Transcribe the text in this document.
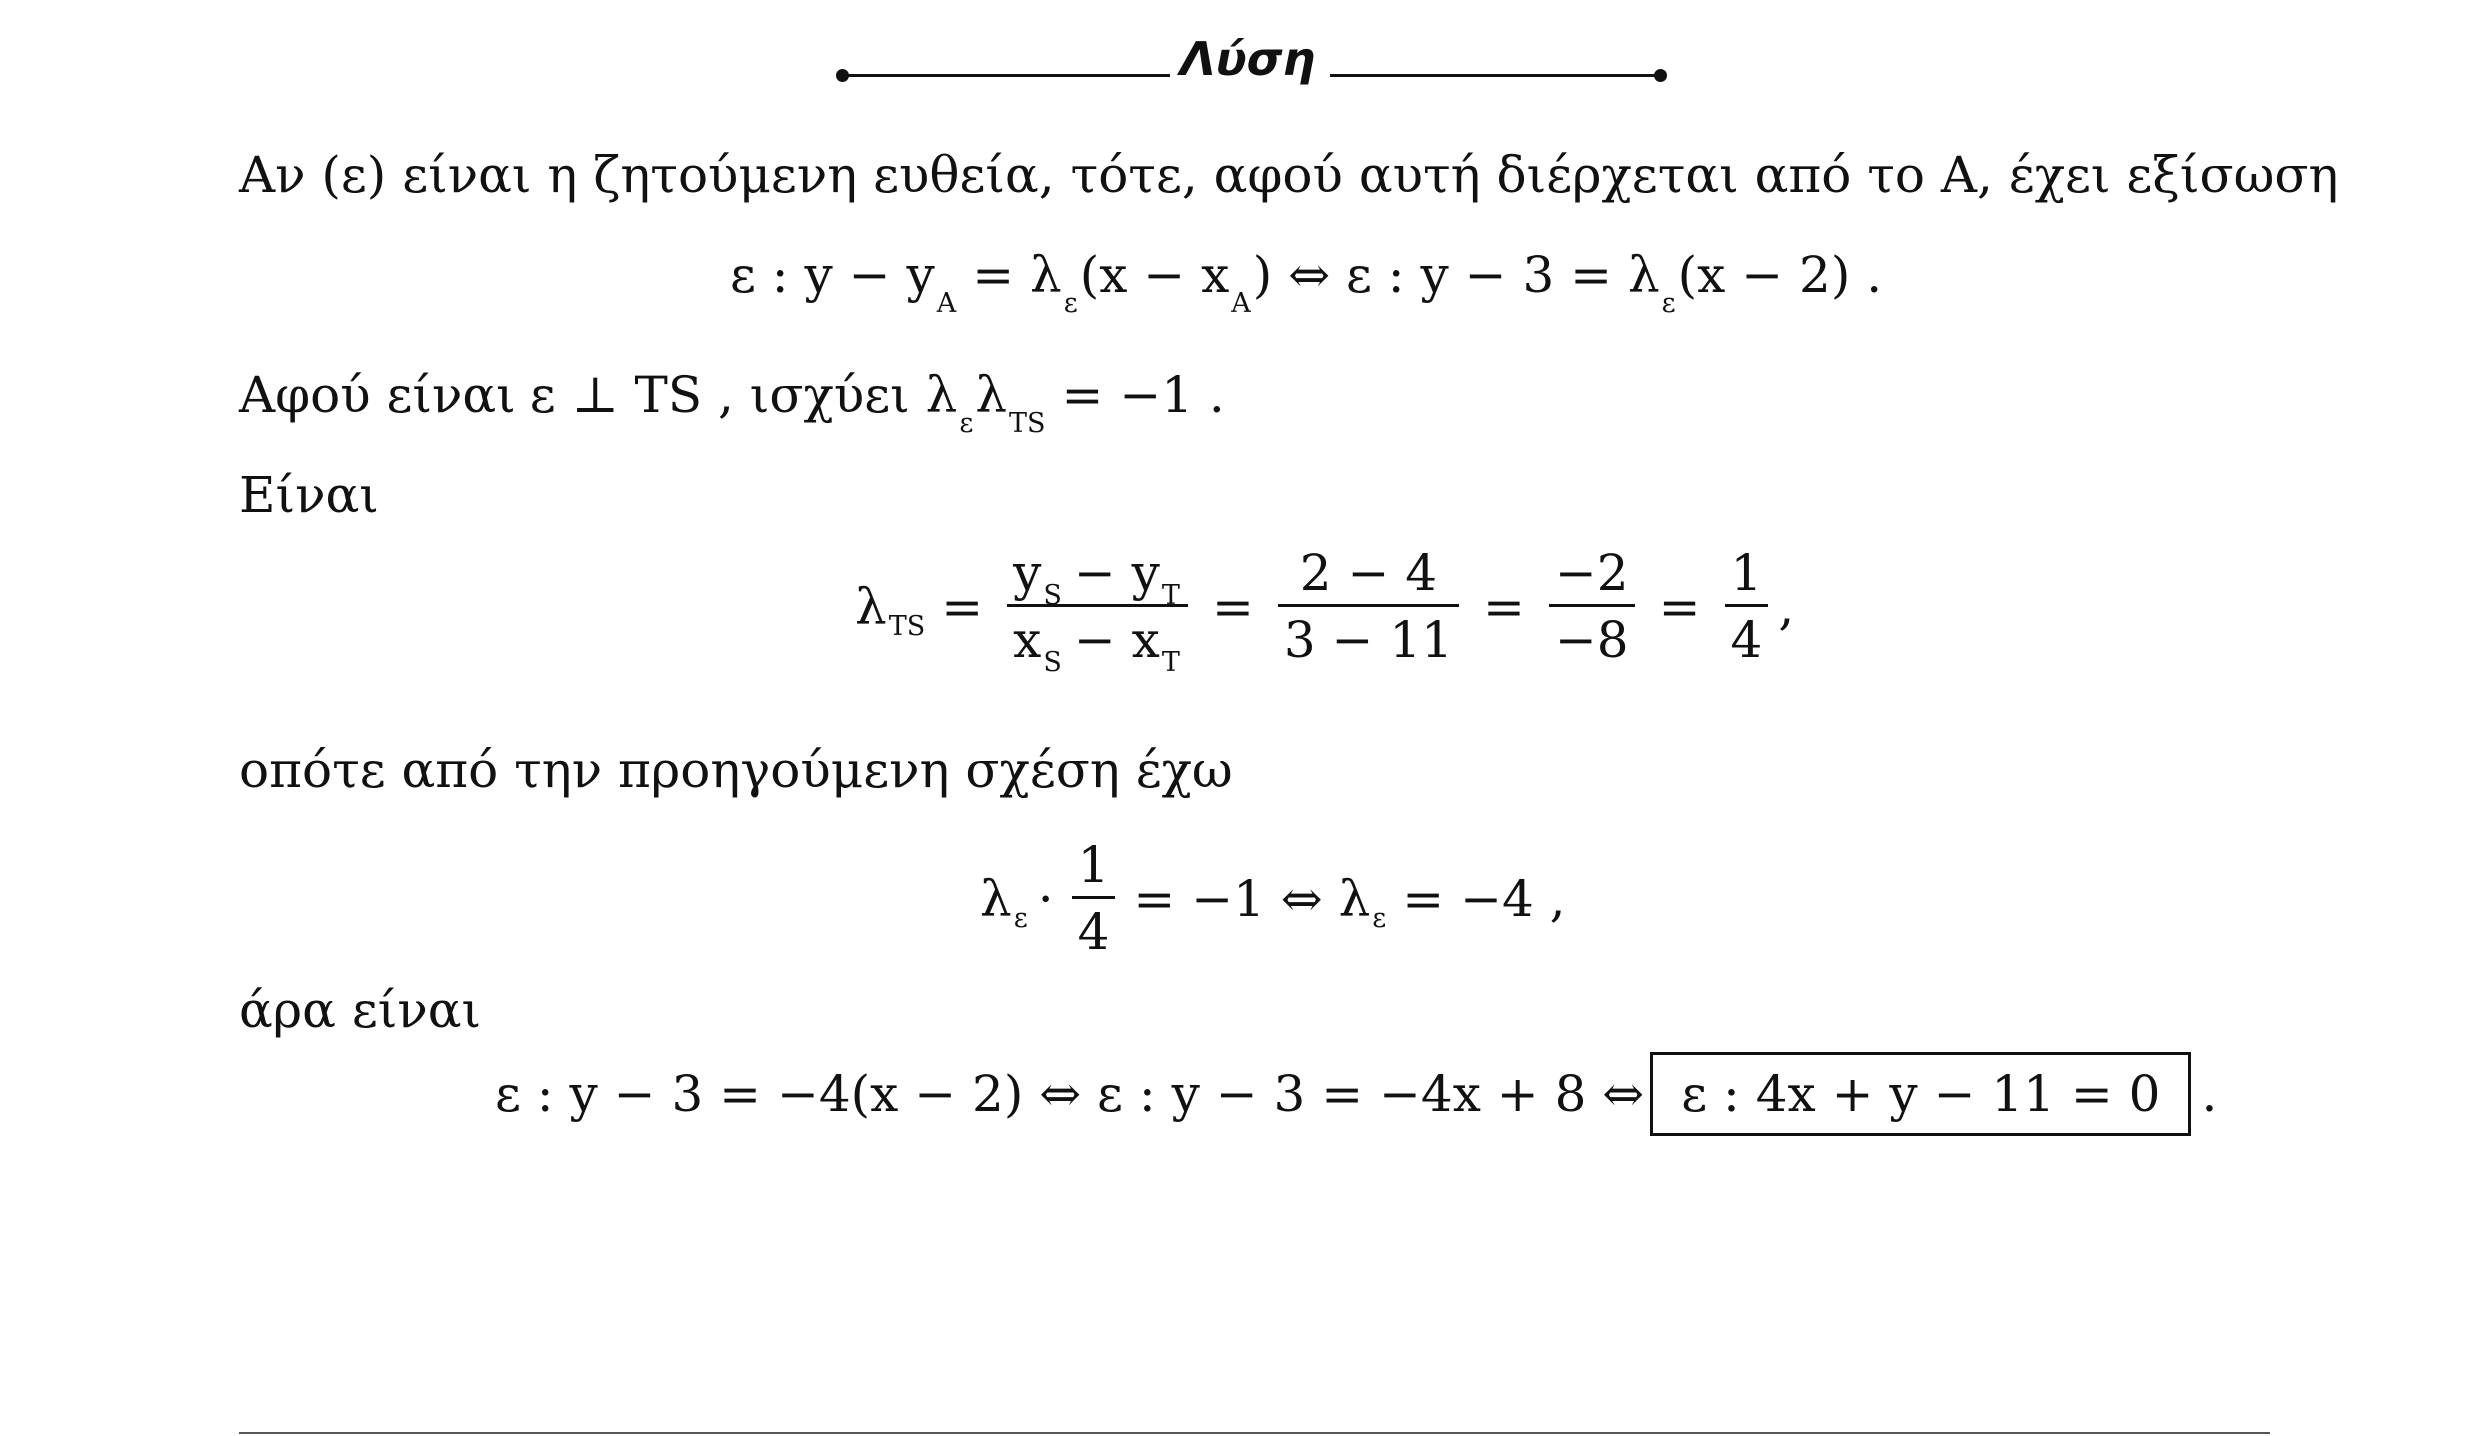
Λύση
Αν (ε) είναι η ζητούμενη ευθεία, τότε, αφού αυτή διέρχεται από το Α, έχει εξίσωση
ε : y − y A = λ ε (x − x A ) ⇔ ε : y − 3 = λ ε (x − 2) .
Αφού είναι ε ⊥ TS , ισχύει λ ε λ TS = −1 .
Είναι
λ TS = $\frac{\text{y S − y T}}{\text{x S − x T}} = \frac{2 - 4}{3 - 11} = \frac{-2}{-8} = \frac{1}{4}$ ,
οπότε από την προηγούμενη σχέση έχω
λ $\varepsilon \cdot \frac{1}{4} = -1$ ⇔ λ ε = −4 ,
άρα είναι
ε : y − 3 = −4(x − 2) ⇔ ε : y − 3 = −4x + 8 ⇔ ε : 4x + y − 11 = 0 .
